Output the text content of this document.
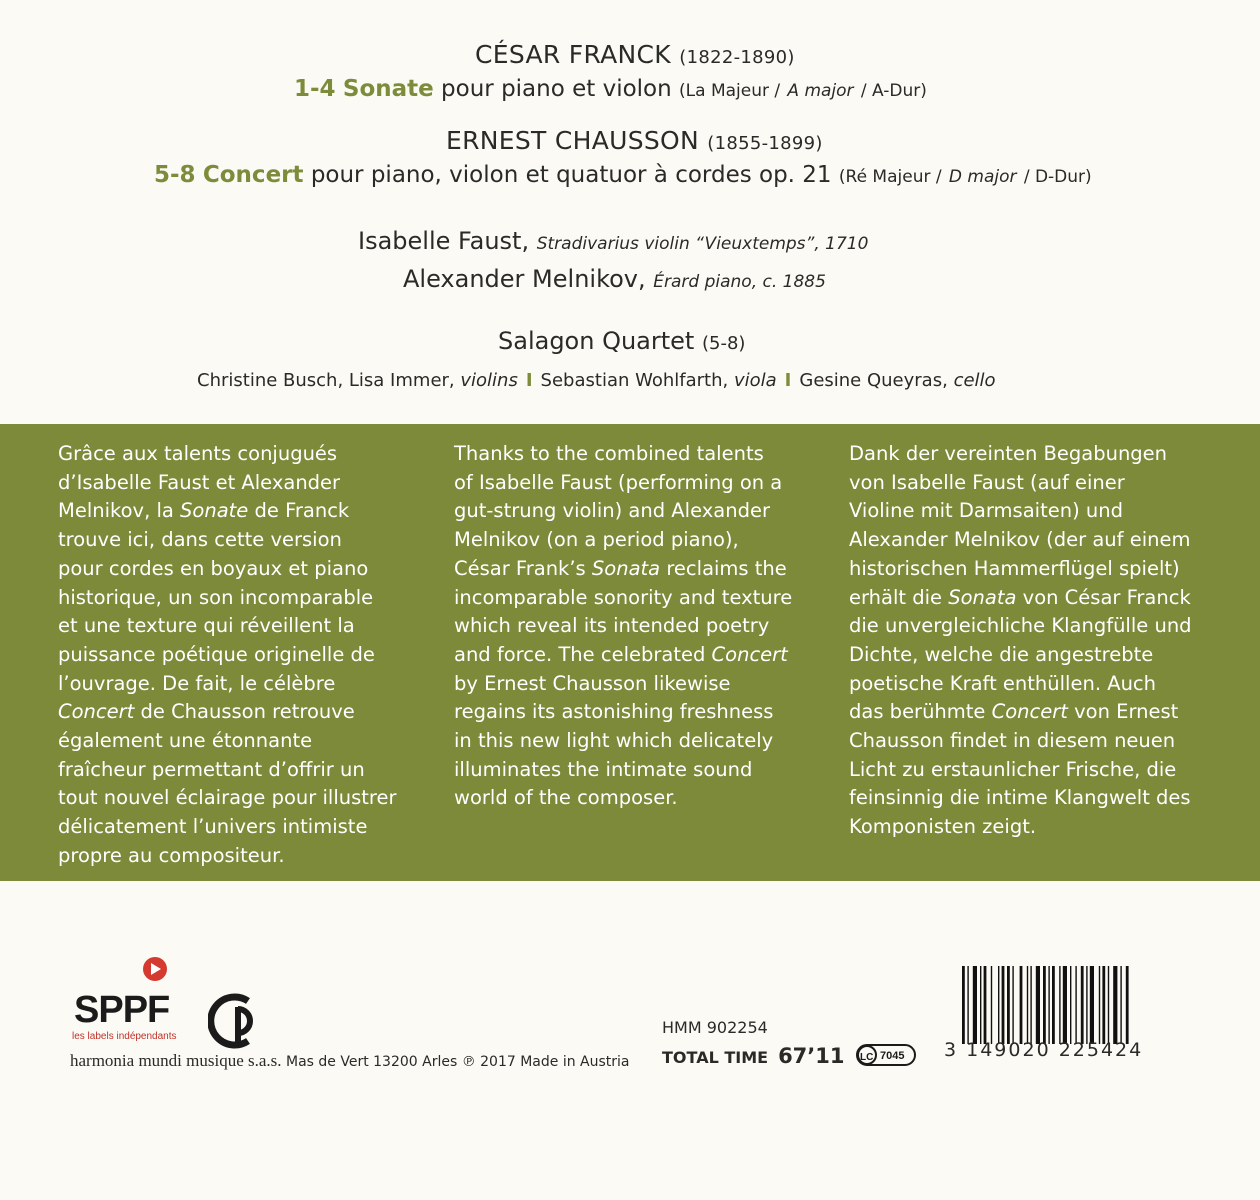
CÉSAR FRANCK (1822-1890)
1-4 Sonate pour piano et violon (La Majeur / A major / A-Dur)
ERNEST CHAUSSON (1855-1899)
5-8 Concert pour piano, violon et quatuor à cordes op. 21 (Ré Majeur / D major / D-Dur)
Isabelle Faust, Stradivarius violin “Vieuxtemps”, 1710
Alexander Melnikov, Érard piano, c. 1885
Salagon Quartet (5-8)
Christine Busch, Lisa Immer, violins I Sebastian Wohlfarth, viola I Gesine Queyras, cello
Grâce aux talents conjugués
d’Isabelle Faust et Alexander
Melnikov, la Sonate de Franck
trouve ici, dans cette version
pour cordes en boyaux et piano
historique, un son incomparable
et une texture qui réveillent la
puissance poétique originelle de
l’ouvrage. De fait, le célèbre
Concert de Chausson retrouve
également une étonnante
fraîcheur permettant d’offrir un
tout nouvel éclairage pour illustrer
délicatement l’univers intimiste
propre au compositeur.
Thanks to the combined talents
of Isabelle Faust (performing on a
gut-strung violin) and Alexander
Melnikov (on a period piano),
César Frank’s Sonata reclaims the
incomparable sonority and texture
which reveal its intended poetry
and force. The celebrated Concert
by Ernest Chausson likewise
regains its astonishing freshness
in this new light which delicately
illuminates the intimate sound
world of the composer.
Dank der vereinten Begabungen
von Isabelle Faust (auf einer
Violine mit Darmsaiten) und
Alexander Melnikov (der auf einem
historischen Hammerflügel spielt)
erhält die Sonata von César Franck
die unvergleichliche Klangfülle und
Dichte, welche die angestrebte
poetische Kraft enthüllen. Auch
das berühmte Concert von Ernest
Chausson findet in diesem neuen
Licht zu erstaunlicher Frische, die
feinsinnig die intime Klangwelt des
Komponisten zeigt.
SPPF
les labels indépendants
harmonia mundi musique s.a.s. Mas de Vert 13200 Arles ℗ 2017 Made in Austria
HMM 902254
TOTAL TIME 67’11 LC 7045 3 149020 225424
